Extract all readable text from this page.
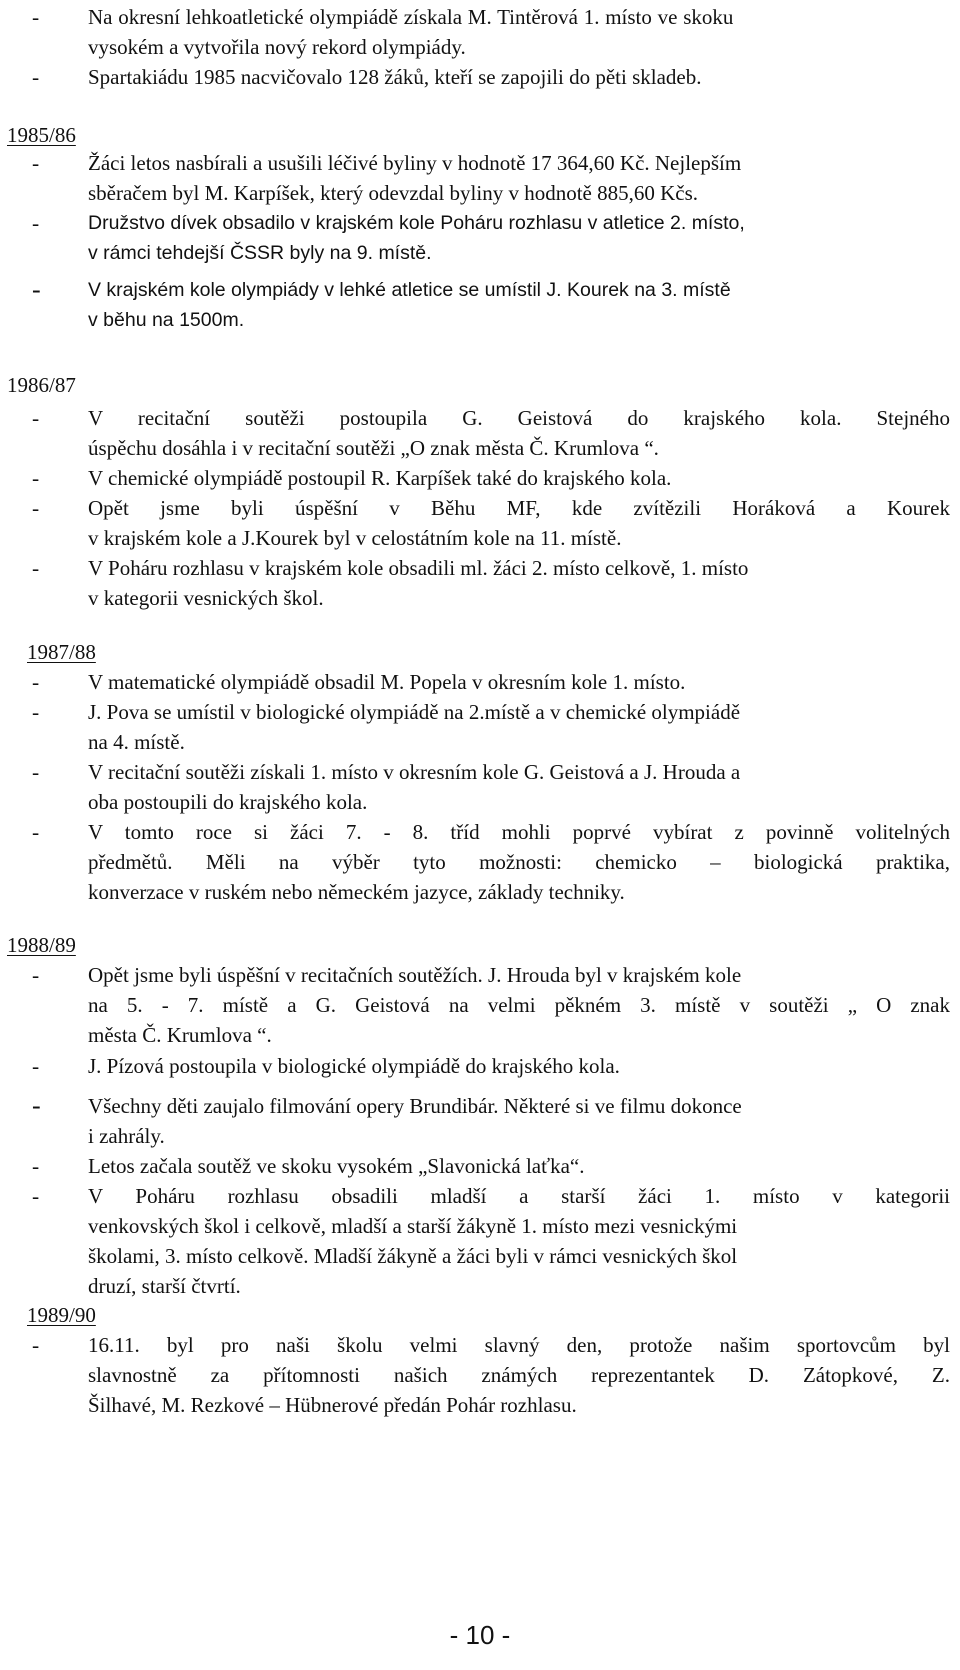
- Na okresní lehkoatletické olympiádě získala M. Tintěrová 1. místo ve skoku
vysokém a vytvořila nový rekord olympiády.
- Spartakiádu 1985 nacvičovalo 128 žáků, kteří se zapojili do pěti skladeb.
1985/86
- Žáci letos nasbírali a usušili léčivé byliny v hodnotě 17 364,60 Kč. Nejlepším
sběračem byl M. Karpíšek, který odevzdal byliny v hodnotě 885,60 Kčs.
-	Družstvo dívek obsadilo v krajském kole Poháru rozhlasu v atletice 2. místo,
v rámci tehdejší ČSSR byly na 9. místě.
- V krajském kole olympiády v lehké atletice se umístil J. Kourek na 3. místě
v běhu na 1500m.
1986/87
- V recitační soutěži postoupila G. Geistová do krajského kola. Stejného
úspěchu dosáhla i v recitační soutěži „O znak města Č. Krumlova “.
- V chemické olympiádě postoupil R. Karpíšek také do krajského kola.
- Opět jsme byli úspěšní v Běhu MF, kde zvítězili Horáková a Kourek
v krajském kole a J.Kourek byl v celostátním kole na 11. místě.
- V Poháru rozhlasu v krajském kole obsadili ml. žáci 2. místo celkově, 1. místo
v kategorii vesnických škol.
1987/88
- V matematické olympiádě obsadil M. Popela v okresním kole 1. místo.
- J. Pova se umístil v biologické olympiádě na 2.místě a v chemické olympiádě
na 4. místě.
- V recitační soutěži získali 1. místo v okresním kole G. Geistová a J. Hrouda a
oba postoupili do krajského kola.
- V tomto roce si žáci 7. - 8. tříd mohli poprvé vybírat z povinně volitelných
předmětů. Měli na výběr tyto možnosti: chemicko – biologická praktika,
konverzace v ruském nebo německém jazyce, základy techniky.
1988/89
- Opět jsme byli úspěšní v recitačních soutěžích. J. Hrouda byl v krajském kole
na 5. - 7. místě a G. Geistová na velmi pěkném 3. místě v soutěži „ O znak
města Č. Krumlova “.
- J. Pízová postoupila v biologické olympiádě do krajského kola.
- Všechny děti zaujalo filmování opery Brundibár. Některé si ve filmu dokonce
i zahrály.
- Letos začala soutěž ve skoku vysokém „Slavonická laťka“.
- V Poháru rozhlasu obsadili mladší a starší žáci 1. místo v kategorii
venkovských škol i celkově, mladší a starší žákyně 1. místo mezi vesnickými
školami, 3. místo celkově. Mladší žákyně a žáci byli v rámci vesnických škol
druzí, starší čtvrtí.
1989/90
- 16.11. byl pro naši školu velmi slavný den, protože našim sportovcům byl
slavnostně za přítomnosti našich známých reprezentantek D. Zátopkové, Z.
Šilhavé, M. Rezkové – Hübnerové předán Pohár rozhlasu.
- 10 -
